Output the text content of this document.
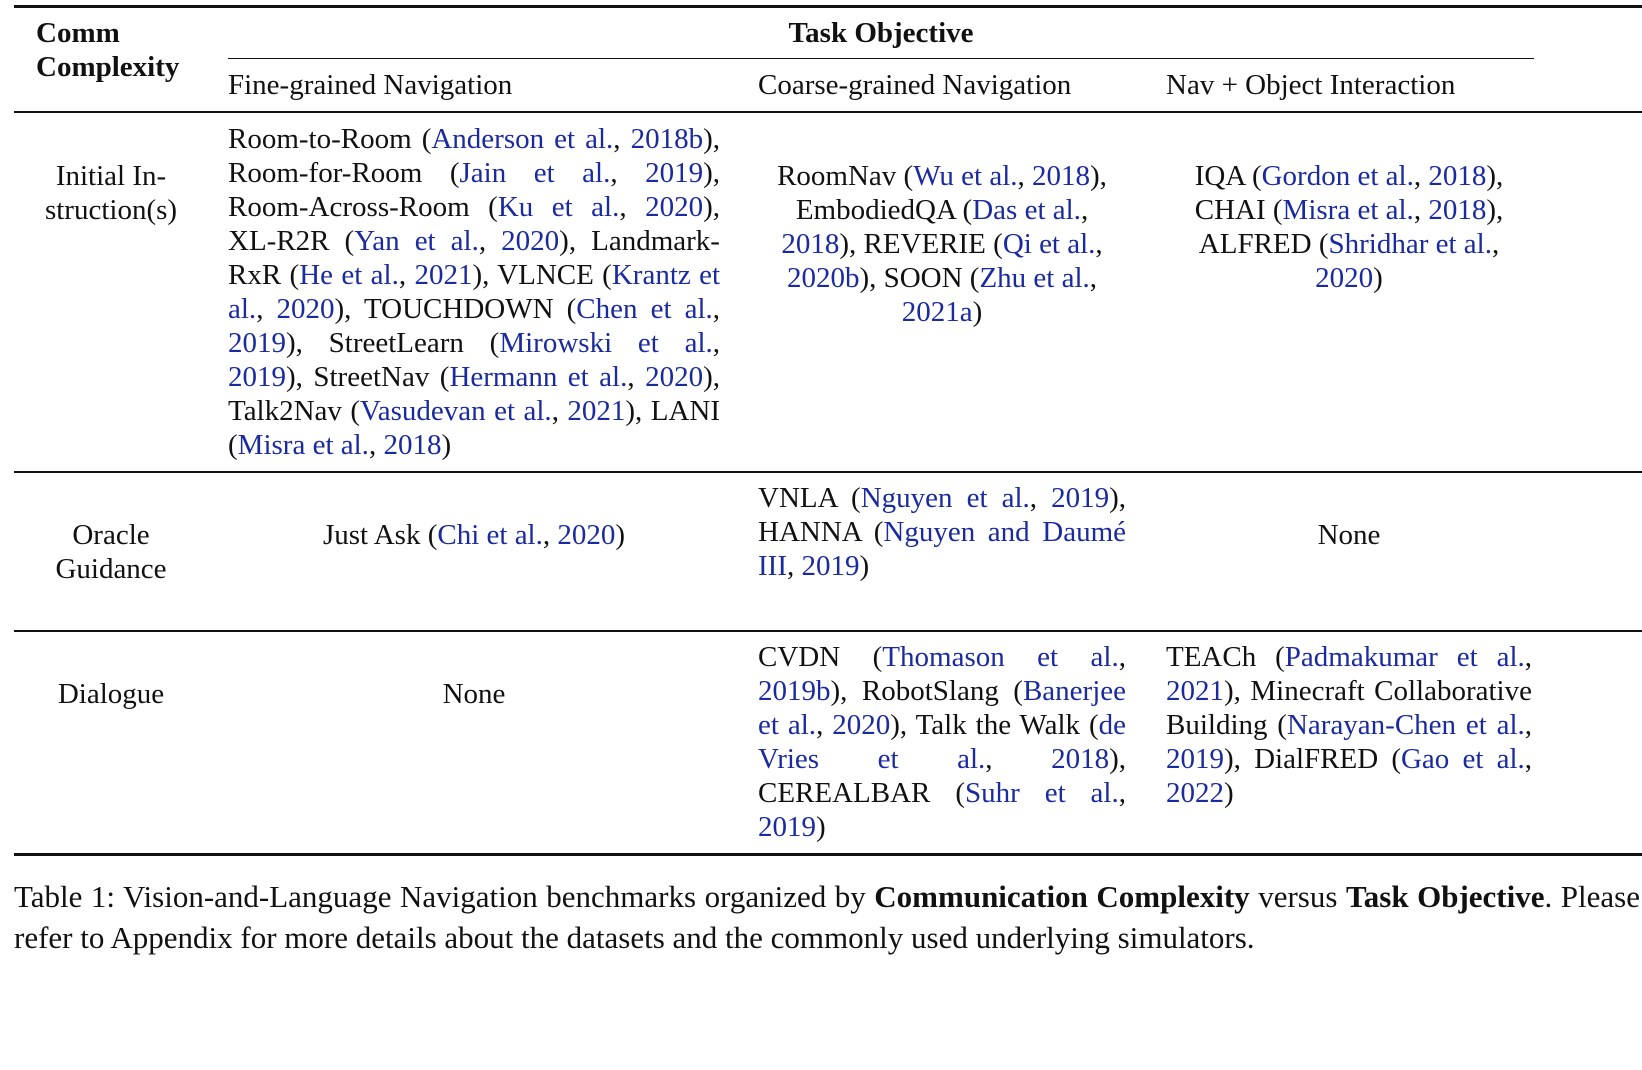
Comm
Complexity
Task Objective
Fine-grained Navigation	Coarse-grained Navigation	Nav + Object Interaction
Initial In-
struction(s)
Oracle
Guidance
Dialogue
Room-to-Room (Anderson et al., 2018b), Room-for-Room (Jain et al., 2019), Room-Across-Room (Ku et al., 2020), XL-R2R (Yan et al., 2020), Landmark-RxR (He et al., 2021), VLNCE (Krantz et al., 2020), TOUCHDOWN (Chen et al., 2019), StreetLearn (Mirowski et al., 2019), StreetNav (Hermann et al., 2020), Talk2Nav (Vasudevan et al., 2021), LANI (Misra et al., 2018)
RoomNav (Wu et al., 2018), EmbodiedQA (Das et al., 2018), REVERIE (Qi et al., 2020b), SOON (Zhu et al., 2021a)
IQA (Gordon et al., 2018), CHAI (Misra et al., 2018), ALFRED (Shridhar et al., 2020)
Just Ask (Chi et al., 2020)
VNLA (Nguyen et al., 2019), HANNA (Nguyen and Daumé III, 2019)
None
None
CVDN (Thomason et al., 2019b), RobotSlang (Banerjee et al., 2020), Talk the Walk (de Vries et al., 2018), CEREALBAR (Suhr et al., 2019)
TEACh (Padmakumar et al., 2021), Minecraft Collaborative Building (Narayan-Chen et al., 2019), DialFRED (Gao et al., 2022)
Table 1: Vision-and-Language Navigation benchmarks organized by Communication Complexity versus Task Objective. Please refer to Appendix for more details about the datasets and the commonly used underlying simulators.
